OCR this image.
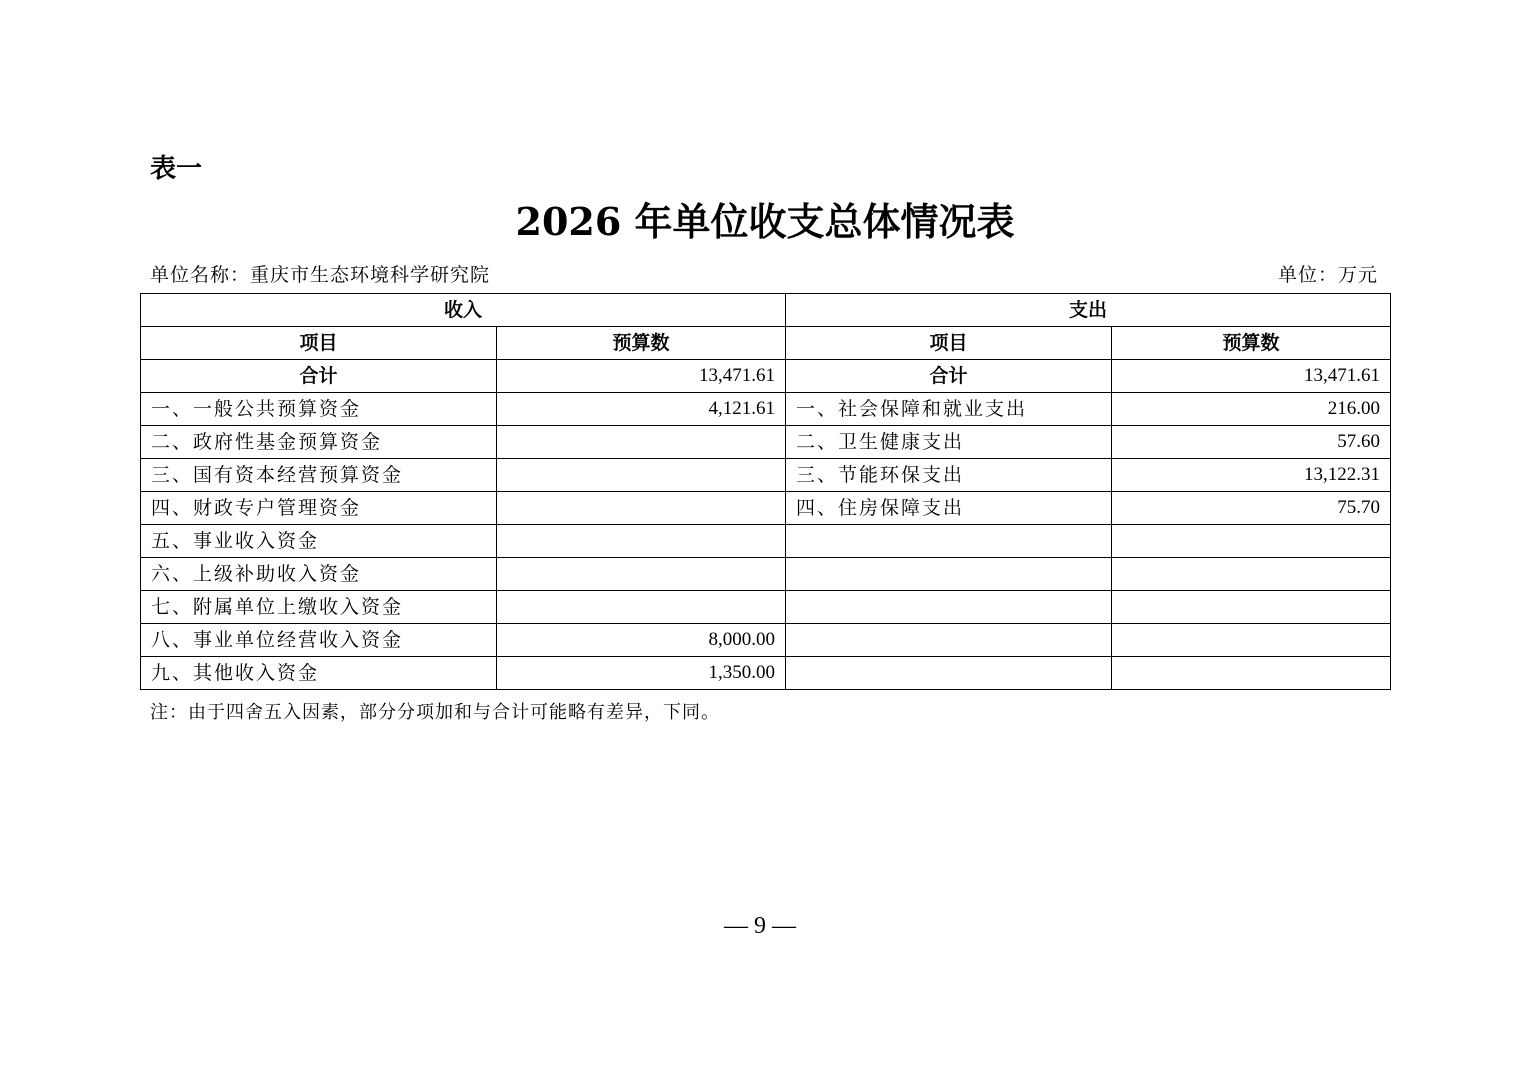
表一
2026 年单位收支总体情况表
单位名称：重庆市生态环境科学研究院	单位：万元
收入		支出	
项目	预算数	项目	预算数
合计	13,471.61	合计	13,471.61
一、一般公共预算资金	4,121.61	一、社会保障和就业支出	216.00
二、政府性基金预算资金		二、卫生健康支出	57.60
三、国有资本经营预算资金		三、节能环保支出	13,122.31
四、财政专户管理资金		四、住房保障支出	75.70
五、事业收入资金			
六、上级补助收入资金			
七、附属单位上缴收入资金			
八、事业单位经营收入资金	8,000.00		
九、其他收入资金	1,350.00		
注：由于四舍五入因素，部分分项加和与合计可能略有差异，下同。
— 9 —
